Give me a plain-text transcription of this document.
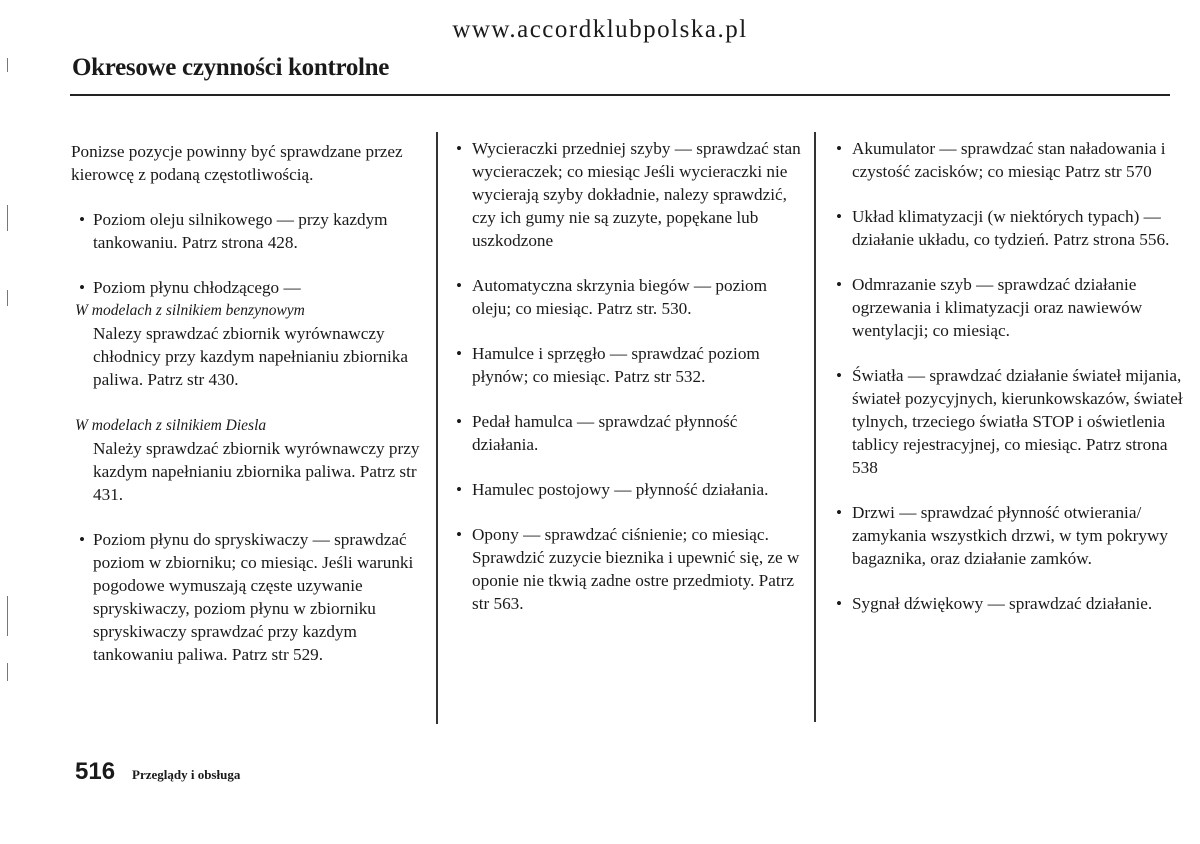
www.accordklubpolska.pl
Okresowe czynności kontrolne

Ponizse pozycje powinny być sprawdzane przez kierowcę z podaną częstotliwością.

• Poziom oleju silnikowego — przy kazdym tankowaniu. Patrz strona 428.
• Poziom płynu chłodzącego —
W modelach z silnikiem benzynowym
Nalezy sprawdzać zbiornik wyrównawczy chłodnicy przy kazdym napełnianiu zbiornika paliwa. Patrz str 430.
W modelach z silnikiem Diesla
Należy sprawdzać zbiornik wyrównawczy przy kazdym napełnianiu zbiornika paliwa. Patrz str 431.
• Poziom płynu do spryskiwaczy — sprawdzać poziom w zbiorniku; co miesiąc. Jeśli warunki pogodowe wymuszają częste uzywanie spryskiwaczy, poziom płynu w zbiorniku spryskiwaczy sprawdzać przy kazdym tankowaniu paliwa. Patrz str 529.
• Wycieraczki przedniej szyby — sprawdzać stan wycieraczek; co miesiąc Jeśli wycieraczki nie wycierają szyby dokładnie, nalezy sprawdzić, czy ich gumy nie są zuzyte, popękane lub uszkodzone
• Automatyczna skrzynia biegów — poziom oleju; co miesiąc. Patrz str. 530.
• Hamulce i sprzęgło — sprawdzać poziom płynów; co miesiąc. Patrz str 532.
• Pedał hamulca — sprawdzać płynność działania.
• Hamulec postojowy — płynność działania.
• Opony — sprawdzać ciśnienie; co miesiąc. Sprawdzić zuzycie bieznika i upewnić się, ze w oponie nie tkwią zadne ostre przedmioty. Patrz str 563.
• Akumulator — sprawdzać stan naładowania i czystość zacisków; co miesiąc Patrz str 570
• Układ klimatyzacji (w niektórych typach) — działanie układu, co tydzień. Patrz strona 556.
• Odmrazanie szyb — sprawdzać działanie ogrzewania i klimatyzacji oraz nawiewów wentylacji; co miesiąc.
• Światła — sprawdzać działanie świateł mijania, świateł pozycyjnych, kierunkowskazów, świateł tylnych, trzeciego światła STOP i oświetlenia tablicy rejestracyjnej, co miesiąc. Patrz strona 538
• Drzwi — sprawdzać płynność otwierania/ zamykania wszystkich drzwi, w tym pokrywy bagaznika, oraz działanie zamków.
• Sygnał dźwiękowy — sprawdzać działanie.
516 Przeglądy i obsługa
